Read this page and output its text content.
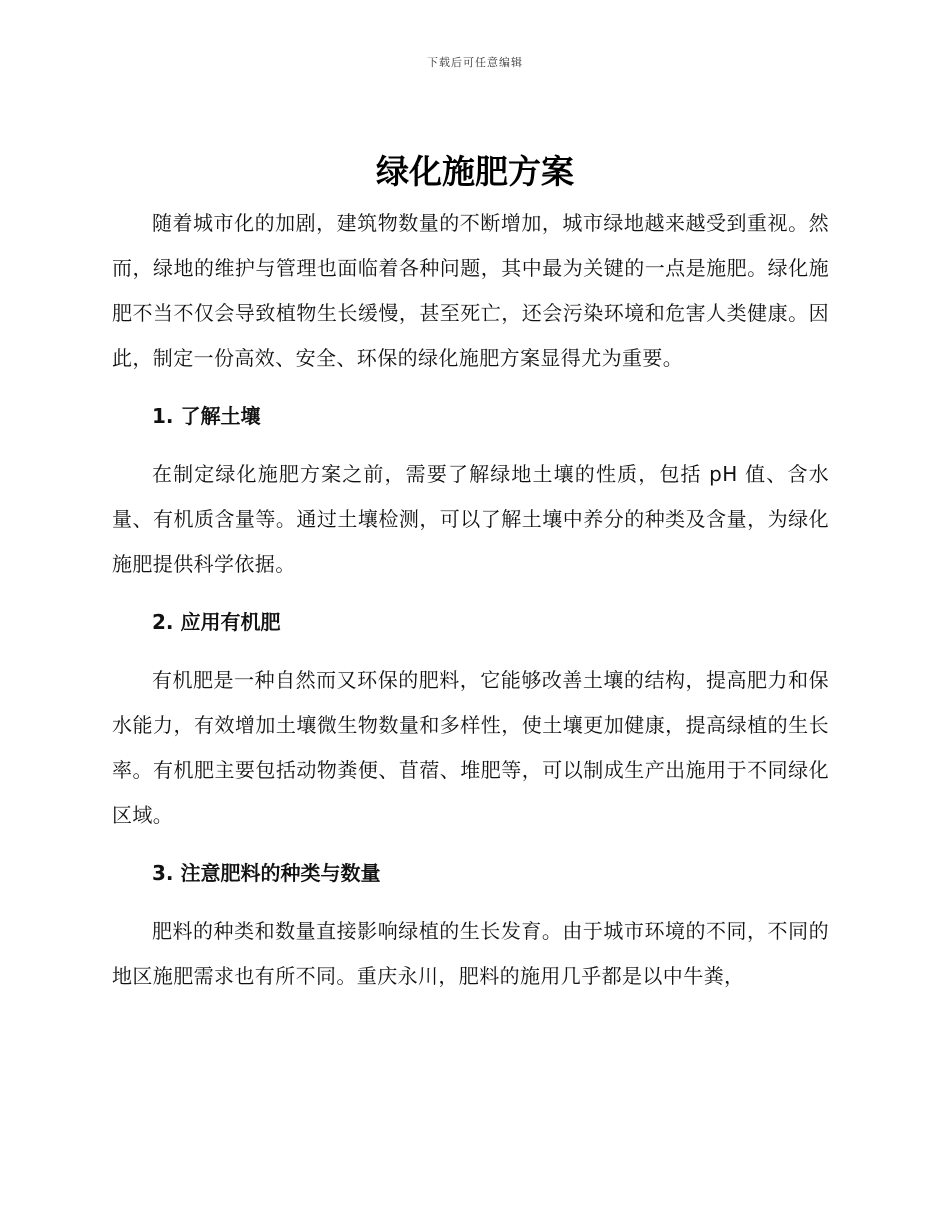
下载后可任意编辑
绿化施肥方案

随着城市化的加剧，建筑物数量的不断增加，城市绿地越来越受到重视。然而，绿地的维护与管理也面临着各种问题，其中最为关键的一点是施肥。绿化施肥不当不仅会导致植物生长缓慢，甚至死亡，还会污染环境和危害人类健康。因此，制定一份高效、安全、环保的绿化施肥方案显得尤为重要。

1. 了解土壤

在制定绿化施肥方案之前，需要了解绿地土壤的性质，包括 pH 值、含水量、有机质含量等。通过土壤检测，可以了解土壤中养分的种类及含量，为绿化施肥提供科学依据。

2. 应用有机肥

有机肥是一种自然而又环保的肥料，它能够改善土壤的结构，提高肥力和保水能力，有效增加土壤微生物数量和多样性，使土壤更加健康，提高绿植的生长率。有机肥主要包括动物粪便、苜蓿、堆肥等，可以制成生产出施用于不同绿化区域。

3. 注意肥料的种类与数量

肥料的种类和数量直接影响绿植的生长发育。由于城市环境的不同，不同的地区施肥需求也有所不同。重庆永川，肥料的施用几乎都是以中牛粪，
